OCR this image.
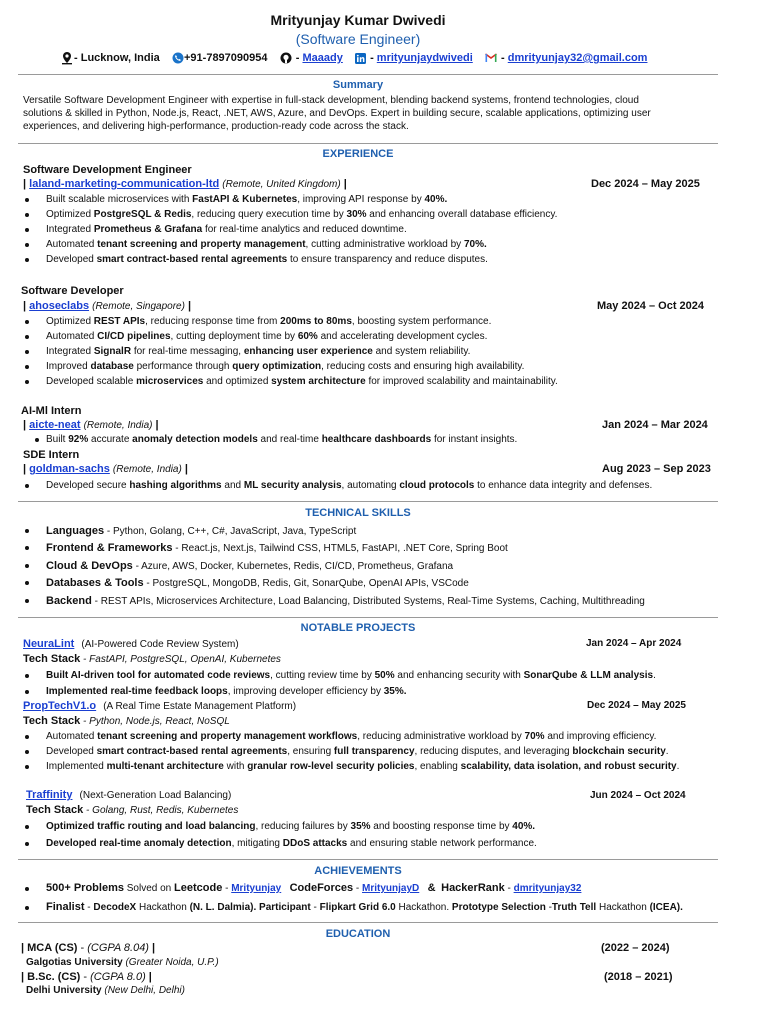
Mrityunjay Kumar Dwivedi
(Software Engineer)
- Lucknow, India +91-7897090954	- Maaady - mrityunjaydwivedi	- dmrityunjay32@gmail.com
Summary
Versatile Software Development Engineer with expertise in full-stack development, blending backend systems, frontend technologies, cloud
solutions & skilled in Python, Node.js, React, .NET, AWS, Azure, and DevOps. Expert in building secure, scalable applications, optimizing user
experiences, and delivering high-performance, production-ready code across the stack.
EXPERIENCE
Software Development Engineer
| laland-marketing-communication-ltd (Remote, United Kingdom) |	Dec 2024 – May 2025
Built scalable microservices with FastAPI & Kubernetes, improving API response by 40%.
Optimized PostgreSQL & Redis, reducing query execution time by 30% and enhancing overall database efficiency.
Integrated Prometheus & Grafana for real-time analytics and reduced downtime.
Automated tenant screening and property management, cutting administrative workload by 70%.
Developed smart contract-based rental agreements to ensure transparency and reduce disputes.
Software Developer
| ahoseclabs (Remote, Singapore) |	May 2024 – Oct 2024
Optimized REST APIs, reducing response time from 200ms to 80ms, boosting system performance.
Automated CI/CD pipelines, cutting deployment time by 60% and accelerating development cycles.
Integrated SignalR for real-time messaging, enhancing user experience and system reliability.
Improved database performance through query optimization, reducing costs and ensuring high availability.
Developed scalable microservices and optimized system architecture for improved scalability and maintainability.
AI-Ml Intern
| aicte-neat (Remote, India) |	Jan 2024 – Mar 2024
Built 92% accurate anomaly detection models and real-time healthcare dashboards for instant insights.
SDE Intern
| goldman-sachs (Remote, India) |	Aug 2023 – Sep 2023
Developed secure hashing algorithms and ML security analysis, automating cloud protocols to enhance data integrity and defenses.
TECHNICAL SKILLS
Languages - Python, Golang, C++, C#, JavaScript, Java, TypeScript
Frontend & Frameworks - React.js, Next.js, Tailwind CSS, HTML5, FastAPI, .NET Core, Spring Boot
Cloud & DevOps - Azure, AWS, Docker, Kubernetes, Redis, CI/CD, Prometheus, Grafana
Databases & Tools - PostgreSQL, MongoDB, Redis, Git, SonarQube, OpenAI APIs, VSCode
Backend - REST APIs, Microservices Architecture, Load Balancing, Distributed Systems, Real-Time Systems, Caching, Multithreading
NOTABLE PROJECTS
NeuraLint (AI-Powered Code Review System)	Jan 2024 – Apr 2024
Tech Stack - FastAPI, PostgreSQL, OpenAI, Kubernetes
Built AI-driven tool for automated code reviews, cutting review time by 50% and enhancing security with SonarQube & LLM analysis.
Implemented real-time feedback loops, improving developer efficiency by 35%.
PropTechV1.o (A Real Time Estate Management Platform)	Dec 2024 – May 2025
Tech Stack - Python, Node.js, React, NoSQL
Automated tenant screening and property management workflows, reducing administrative workload by 70% and improving efficiency.
Developed smart contract-based rental agreements, ensuring full transparency, reducing disputes, and leveraging blockchain security.
Implemented multi-tenant architecture with granular row-level security policies, enabling scalability, data isolation, and robust security.
Traffinity (Next-Generation Load Balancing)	Jun 2024 – Oct 2024
Tech Stack - Golang, Rust, Redis, Kubernetes
Optimized traffic routing and load balancing, reducing failures by 35% and boosting response time by 40%.
Developed real-time anomaly detection, mitigating DDoS attacks and ensuring stable network performance.
ACHIEVEMENTS
500+ Problems Solved on Leetcode - Mrityunjay CodeForces - MrityunjayD & HackerRank - dmrityunjay32
Finalist - DecodeX Hackathon (N. L. Dalmia). Participant - Flipkart Grid 6.0 Hackathon. Prototype Selection -Truth Tell Hackathon (ICEA).
EDUCATION
| MCA (CS) - (CGPA 8.04) |	(2022 – 2024)
Galgotias University (Greater Noida, U.P.)
| B.Sc. (CS) - (CGPA 8.0) |	(2018 – 2021)
Delhi University (New Delhi, Delhi)
